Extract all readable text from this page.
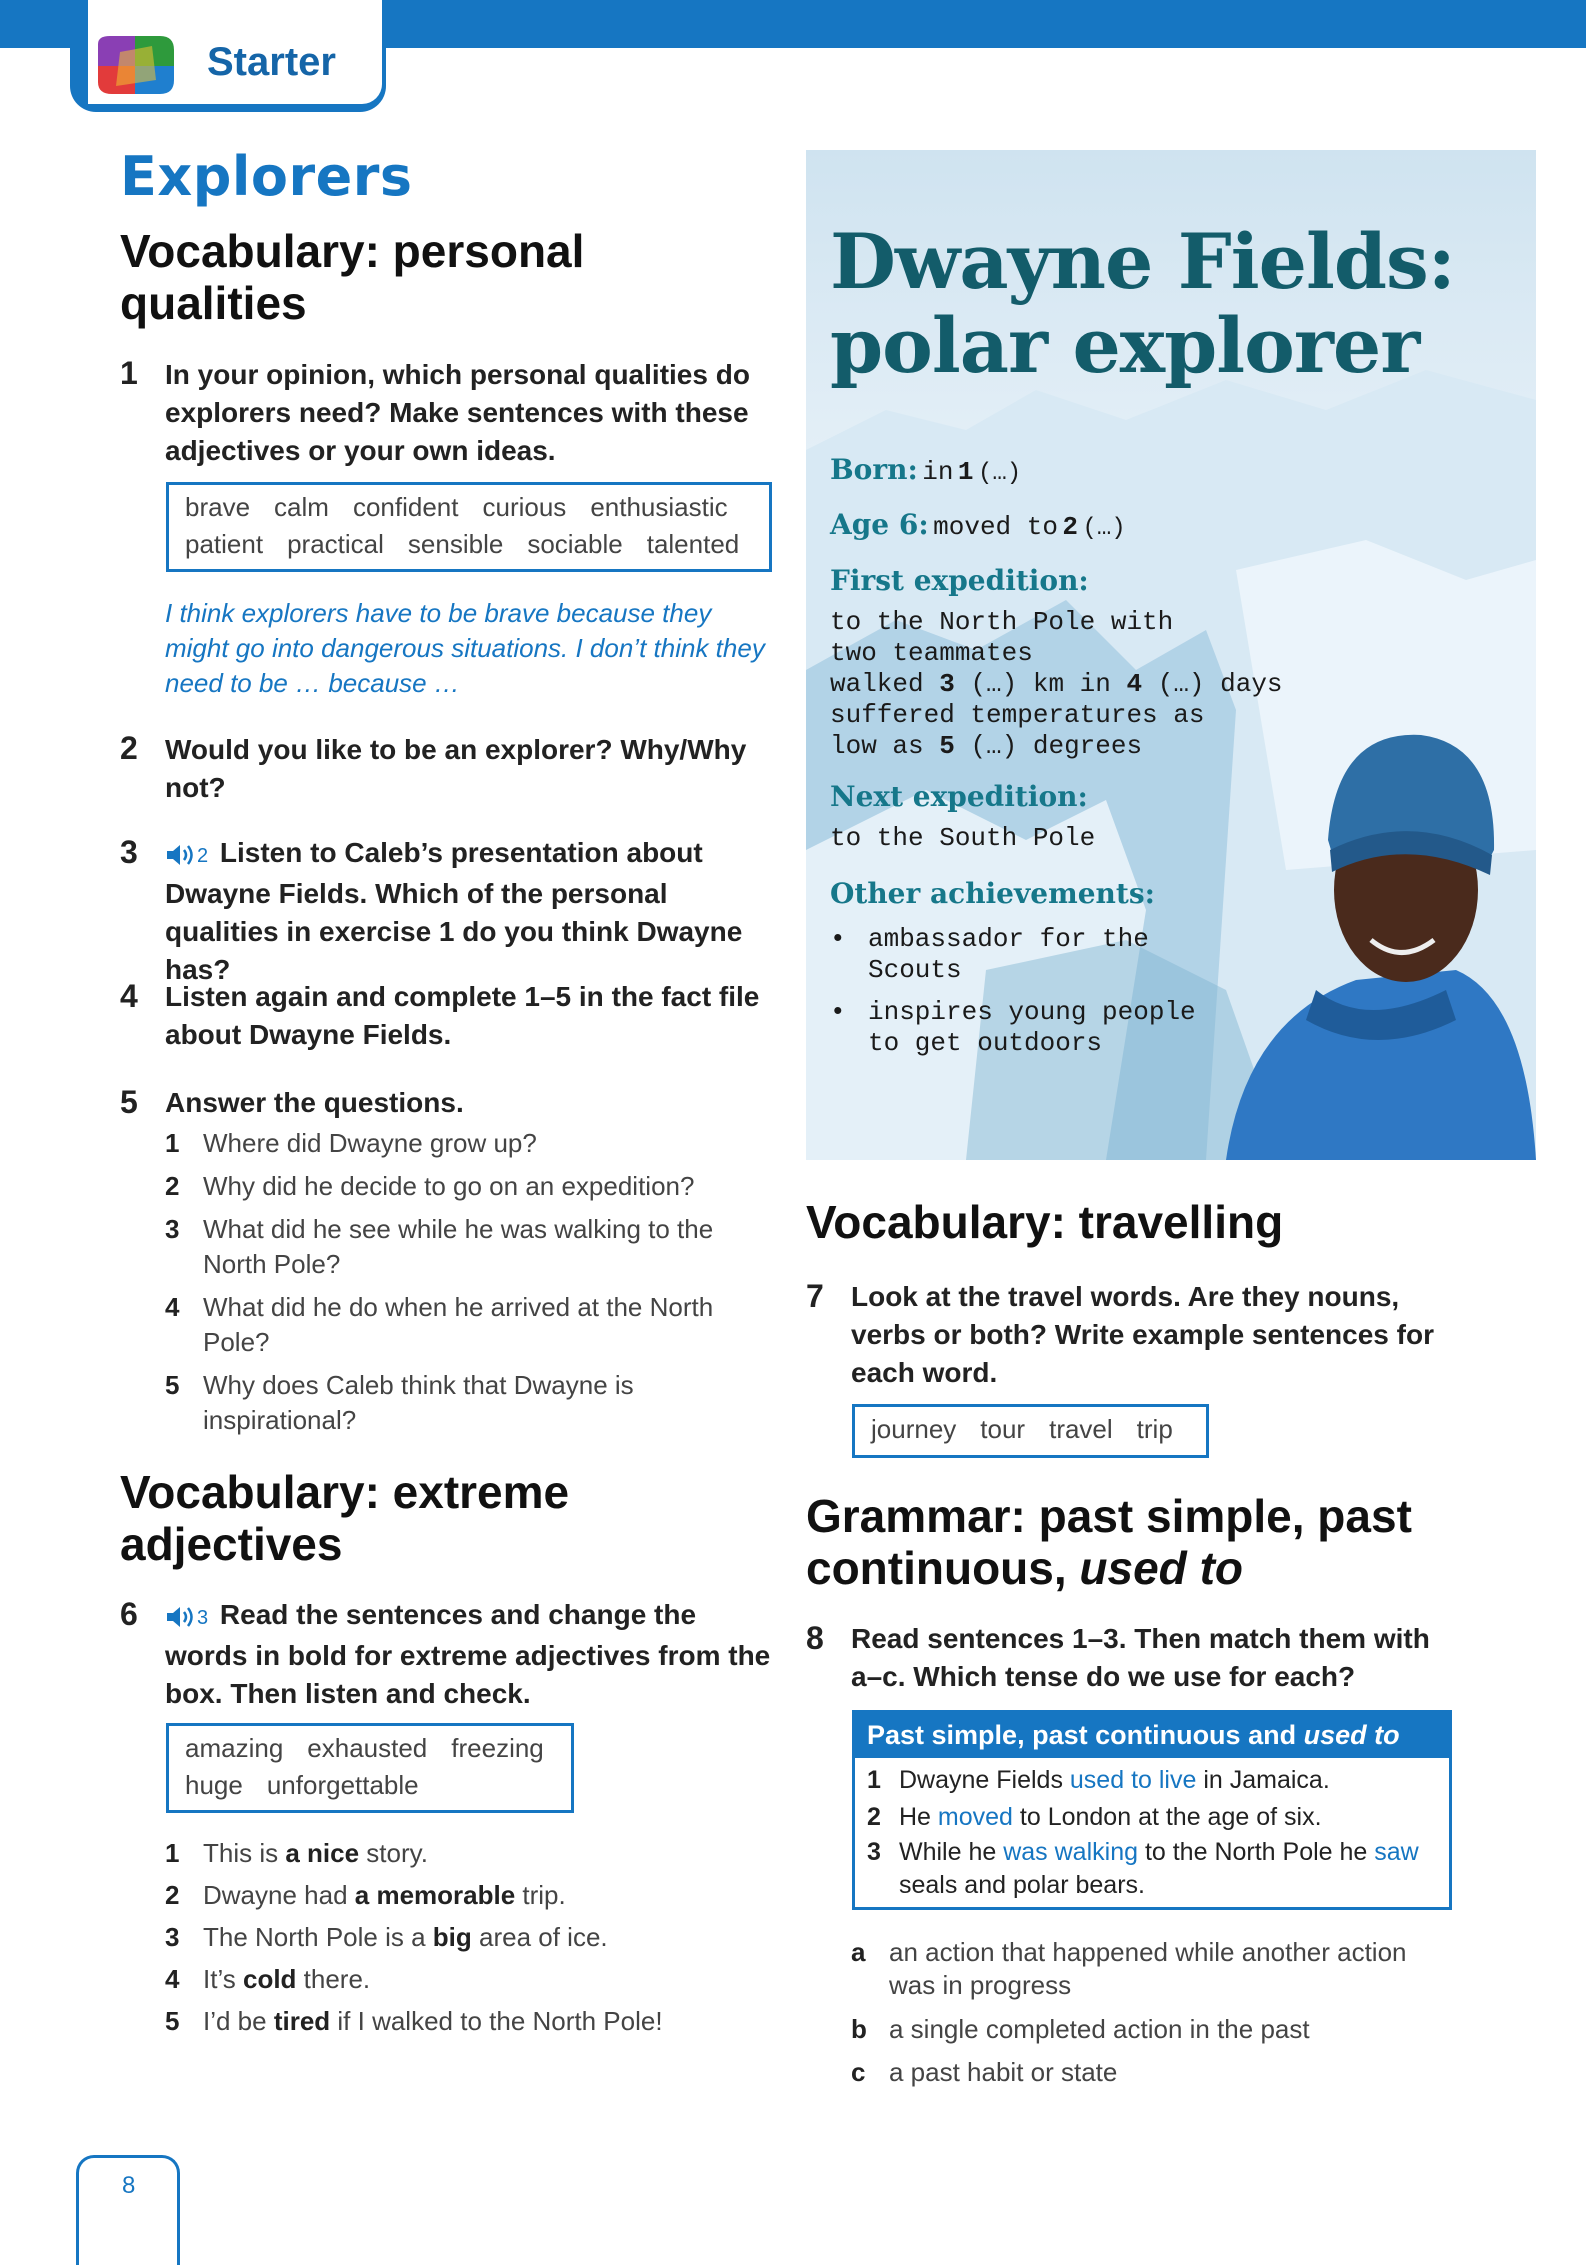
Starter
Explorers
Vocabulary: personal qualities
1 In your opinion, which personal qualities do explorers need? Make sentences with these adjectives or your own ideas.
brave calm confident curious enthusiastic
patient practical sensible sociable talented
I think explorers have to be brave because they might go into dangerous situations. I don’t think they need to be … because …
2 Would you like to be an explorer? Why/Why not?
3	2 Listen to Caleb’s presentation about Dwayne Fields. Which of the personal qualities in exercise 1 do you think Dwayne has?
4 Listen again and complete 1–5 in the fact file about Dwayne Fields.
5 Answer the questions.
1 Where did Dwayne grow up?
2 Why did he decide to go on an expedition?
3 What did he see while he was walking to the North Pole?
4 What did he do when he arrived at the North Pole?
5 Why does Caleb think that Dwayne is inspirational?
Vocabulary: extreme adjectives
6	3 Read the sentences and change the words in bold for extreme adjectives from the box. Then listen and check.
amazing exhausted freezing
huge unforgettable
1 This is a nice story.
2 Dwayne had a memorable trip.
3 The North Pole is a big area of ice.
4 It’s cold there.
5 I’d be tired if I walked to the North Pole!
Dwayne Fields:
polar explorer
Born: in 1 (…)
Age 6: moved to 2 (…)
First expedition:
to the North Pole with
two teammates
walked 3 (…) km in 4 (…) days
suffered temperatures as
low as 5 (…) degrees
Next expedition:
to the South Pole
Other achievements:
• ambassador for the
Scouts
• inspires young people
to get outdoors
Vocabulary: travelling
7 Look at the travel words. Are they nouns, verbs or both? Write example sentences for each word.
journey tour travel trip
Grammar: past simple, past continuous, used to
8 Read sentences 1–3. Then match them with a–c. Which tense do we use for each?
Past simple, past continuous and used to
1 Dwayne Fields used to live in Jamaica.
2 He moved to London at the age of six.
3 While he was walking to the North Pole he saw
seals and polar bears.
a an action that happened while another action was in progress
b a single completed action in the past
c a past habit or state
8
